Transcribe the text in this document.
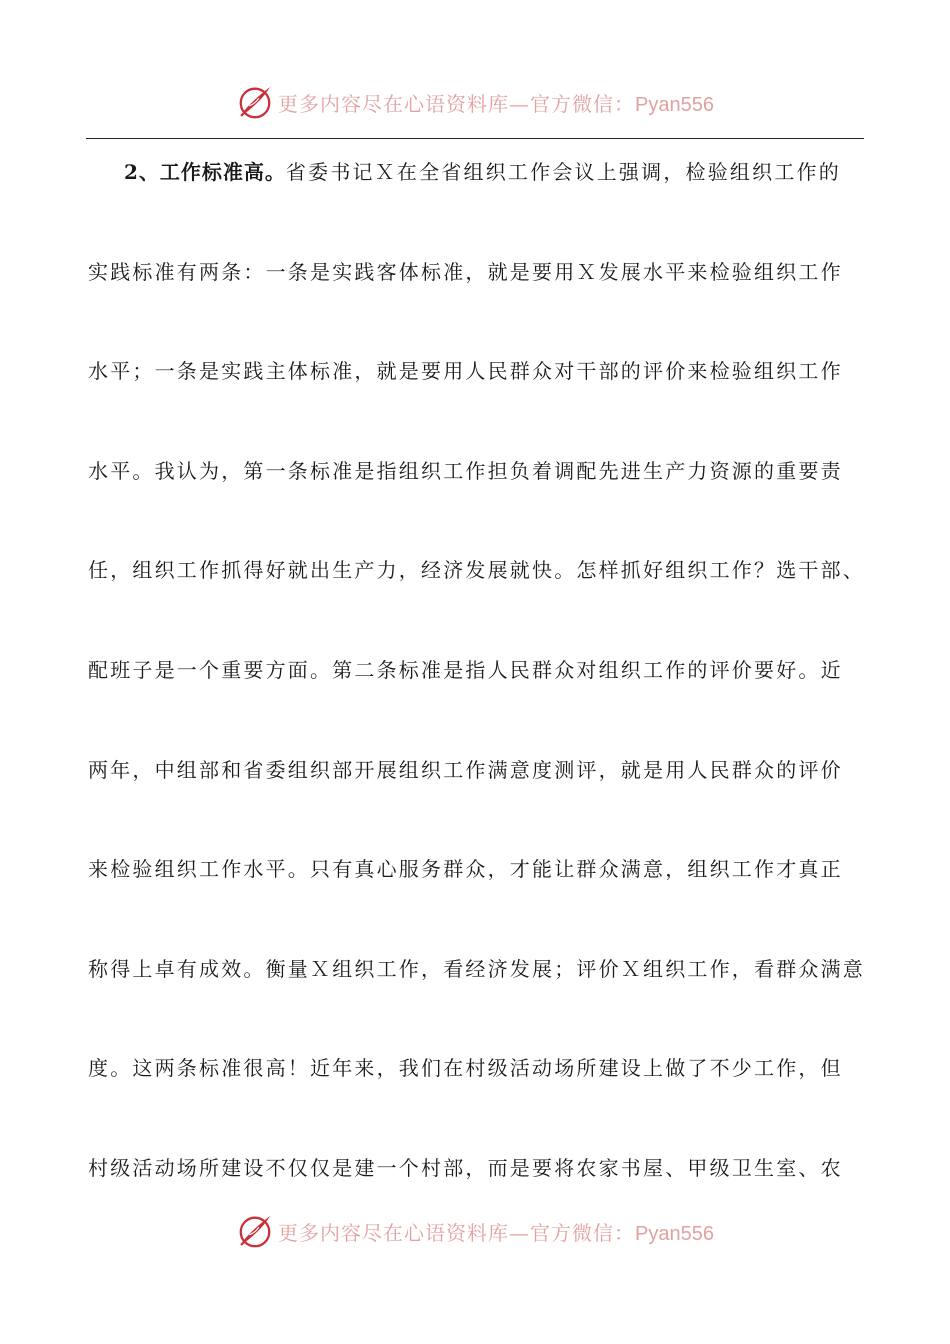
更多内容尽在心语资料库—官方微信：Pyan556
2、工作标准高。省委书记Ｘ在全省组织工作会议上强调，检验组织工作的
实践标准有两条：一条是实践客体标准，就是要用Ｘ发展水平来检验组织工作
水平；一条是实践主体标准，就是要用人民群众对干部的评价来检验组织工作
水平。我认为，第一条标准是指组织工作担负着调配先进生产力资源的重要责
任，组织工作抓得好就出生产力，经济发展就快。怎样抓好组织工作？选干部、
配班子是一个重要方面。第二条标准是指人民群众对组织工作的评价要好。近
两年，中组部和省委组织部开展组织工作满意度测评，就是用人民群众的评价
来检验组织工作水平。只有真心服务群众，才能让群众满意，组织工作才真正
称得上卓有成效。衡量Ｘ组织工作，看经济发展；评价Ｘ组织工作，看群众满意
度。这两条标准很高！近年来，我们在村级活动场所建设上做了不少工作，但
村级活动场所建设不仅仅是建一个村部，而是要将农家书屋、甲级卫生室、农
更多内容尽在心语资料库—官方微信：Pyan556
